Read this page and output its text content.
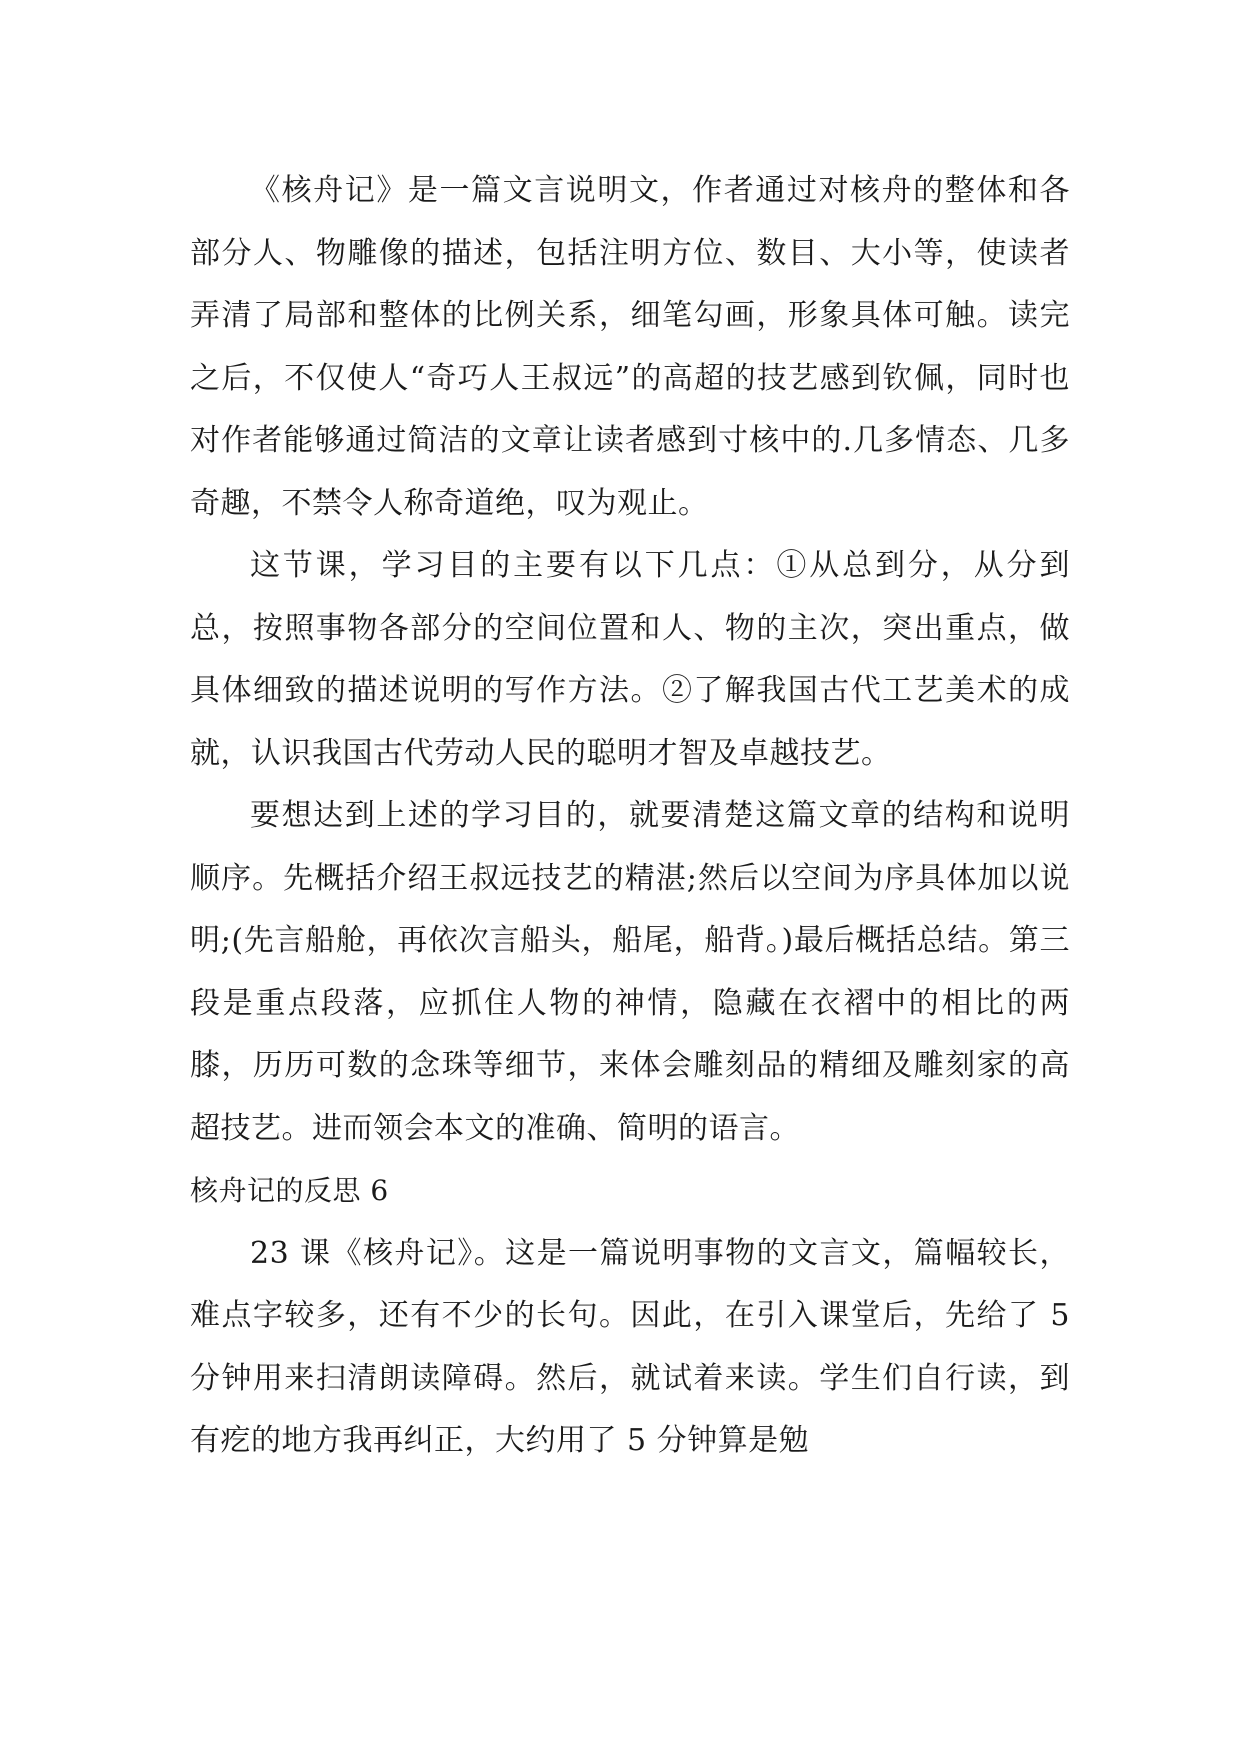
《核舟记》是一篇文言说明文，作者通过对核舟的整体和各部分人、物雕像的描述，包括注明方位、数目、大小等，使读者弄清了局部和整体的比例关系，细笔勾画，形象具体可触。读完之后，不仅使人“奇巧人王叔远”的高超的技艺感到钦佩，同时也对作者能够通过简洁的文章让读者感到寸核中的.几多情态、几多奇趣，不禁令人称奇道绝，叹为观止。

这节课，学习目的主要有以下几点：①从总到分，从分到总，按照事物各部分的空间位置和人、物的主次，突出重点，做具体细致的描述说明的写作方法。②了解我国古代工艺美术的成就，认识我国古代劳动人民的聪明才智及卓越技艺。

要想达到上述的学习目的，就要清楚这篇文章的结构和说明顺序。先概括介绍王叔远技艺的精湛;然后以空间为序具体加以说明;(先言船舱，再依次言船头，船尾，船背。)最后概括总结。第三段是重点段落，应抓住人物的神情，隐藏在衣褶中的相比的两膝，历历可数的念珠等细节，来体会雕刻品的精细及雕刻家的高超技艺。进而领会本文的准确、简明的语言。

核舟记的反思 6

23 课《核舟记》。这是一篇说明事物的文言文，篇幅较长，难点字较多，还有不少的长句。因此，在引入课堂后，先给了 5 分钟用来扫清朗读障碍。然后，就试着来读。学生们自行读，到有疙的地方我再纠正，大约用了 5 分钟算是勉
